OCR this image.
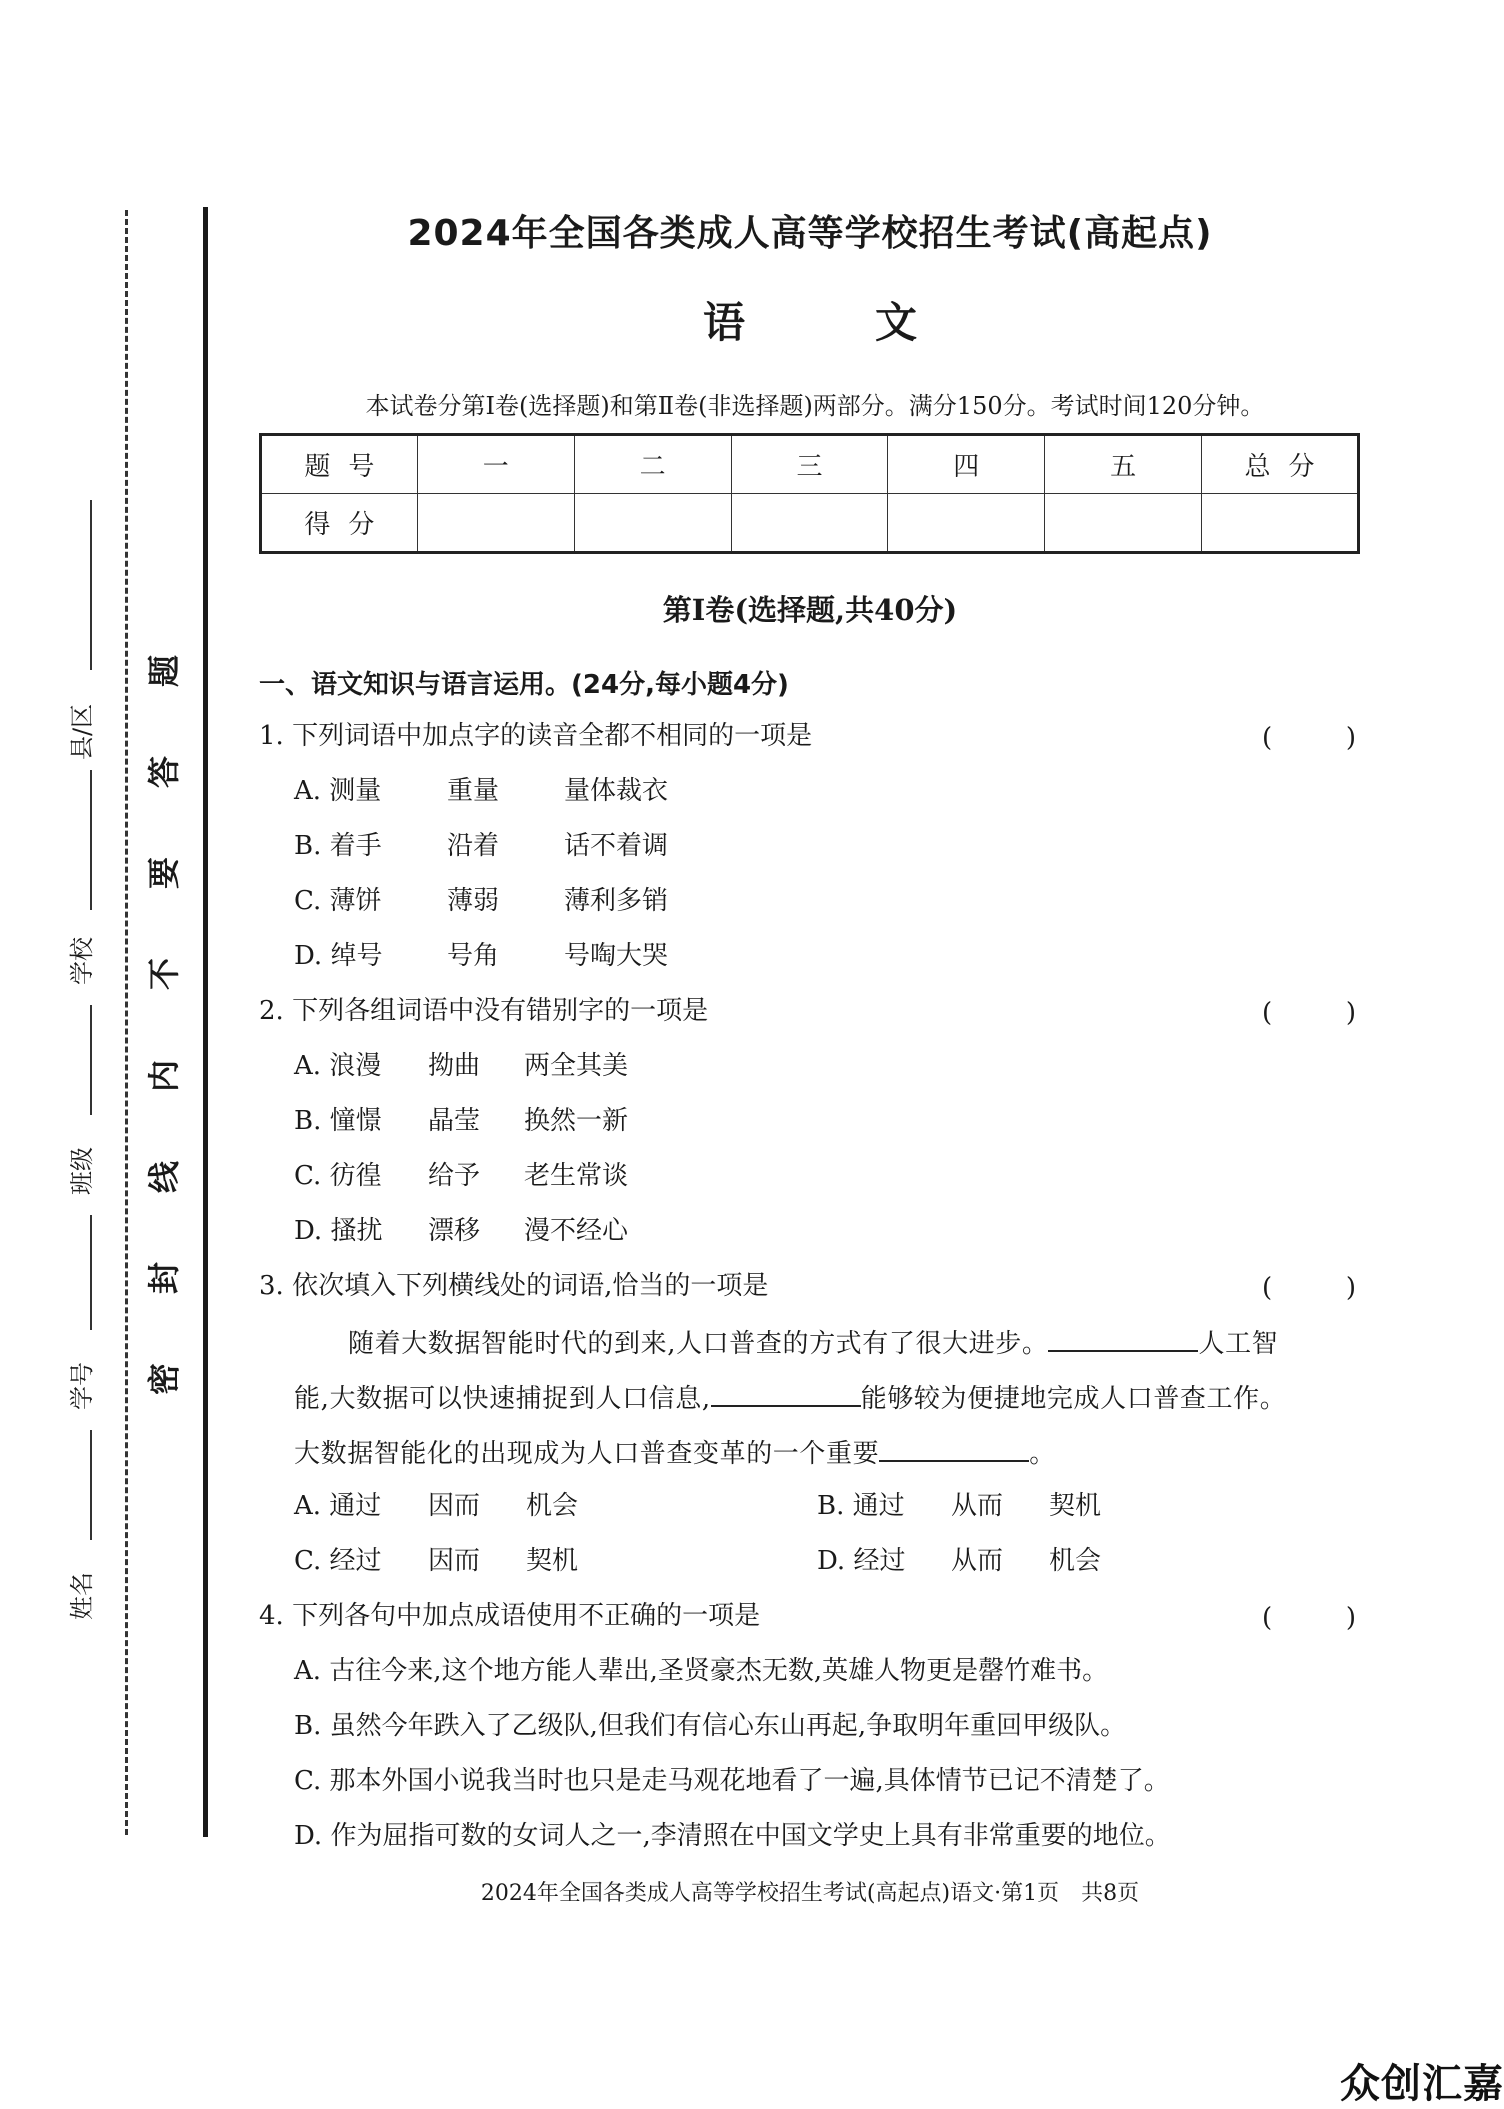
题
答
要
不
内
线
封
密
县/区
学校
班级
学号
姓名
2024年全国各类成人高等学校招生考试(高起点)
语文
本试卷分第Ⅰ卷(选择题)和第Ⅱ卷(非选择题)两部分。满分150分。考试时间120分钟。
题号	一	二	三	四	五	总分
得分						
第Ⅰ卷(选择题,共40分)
一、语文知识与语言运用。(24分,每小题4分)
1. 下列词语中加点字的读音全都不相同的一项是	(	)
A. 测量	重量 量体裁衣
B. 着手	沿着 话不着调
C. 薄饼	薄弱 薄利多销
D. 绰号 号角 号啕大哭
2. 下列各组词语中没有错别字的一项是	(	)
A. 浪漫 拗曲 两全其美
B. 憧憬 晶莹 换然一新
C. 彷徨 给予 老生常谈
D. 搔扰 漂移 漫不经心
3. 依次填入下列横线处的词语,恰当的一项是	(	)
随着大数据智能时代的到来,人口普查的方式有了很大进步。	人工智
能,大数据可以快速捕捉到人口信息,	能够较为便捷地完成人口普查工作。
大数据智能化的出现成为人口普查变革的一个重要	。
A. 通过 因而 机会	B. 通过 从而 契机
C. 经过 因而 契机	D. 经过 从而 机会
4. 下列各句中加点成语使用不正确的一项是	(	)
A. 古往今来,这个地方能人辈出,圣贤豪杰无数,英雄人物更是罄竹难书。
B. 虽然今年跌入了乙级队,但我们有信心东山再起,争取明年重回甲级队。
C. 那本外国小说我当时也只是走马观花地看了一遍,具体情节已记不清楚了。
D. 作为屈指可数的女词人之一,李清照在中国文学史上具有非常重要的地位。
2024年全国各类成人高等学校招生考试(高起点)语文·第1页　共8页
众创汇嘉
